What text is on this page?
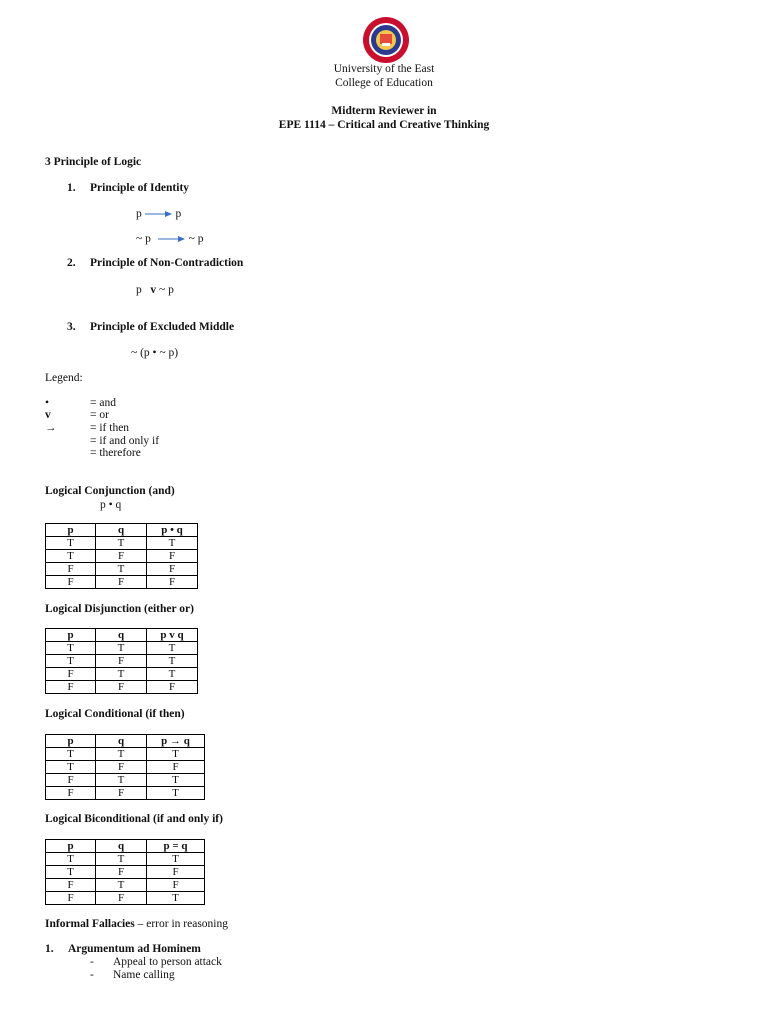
University of the East
College of Education
Midterm Reviewer in
EPE 1114 – Critical and Creative Thinking
3 Principle of Logic
1. Principle of Identity
p	p
~ p	~ p
2. Principle of Non-Contradiction
p v ~ p
3. Principle of Excluded Middle
~ (p • ~ p)
Legend:
•	= and
v	= or
→	= if then
= if and only if
= therefore
Logical Conjunction (and)
p • q
p	q	p • q
T	T	T
T	F	F
F	T	F
F	F	F
Logical Disjunction (either or)
p	q	p v q
T	T	T
T	F	T
F	T	T
F	F	F
Logical Conditional (if then)
p	q	p → q
T	T	T
T	F	F
F	T	T
F	F	T
Logical Biconditional (if and only if)
p	q	p = q
T	T	T
T	F	F
F	T	F
F	F	T
Informal Fallacies – error in reasoning
1. Argumentum ad Hominem
- Appeal to person attack
- Name calling
